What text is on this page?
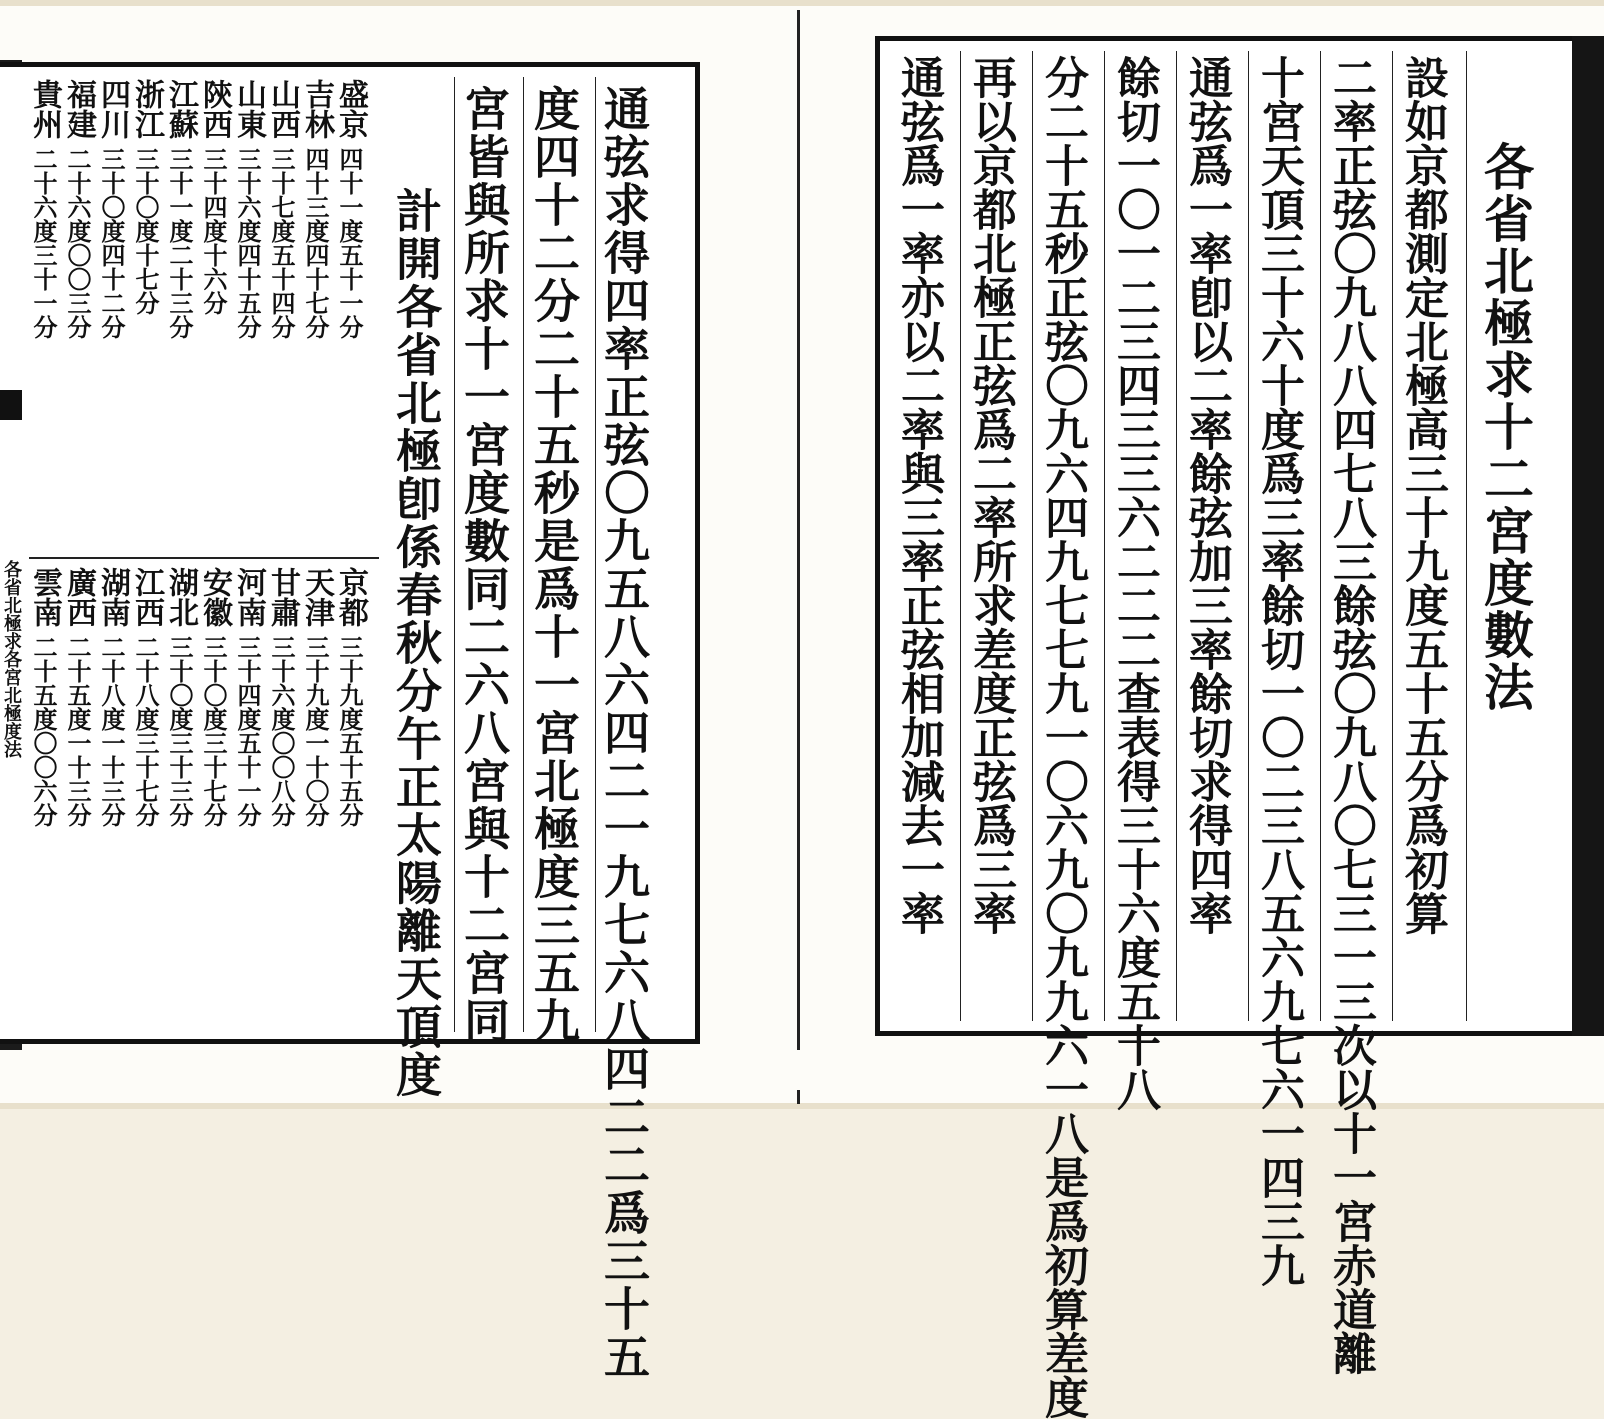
通弦求得四率正弦〇九五八六四二一九七六八四二二爲三十五
度四十二分二十五秒是爲十一宮北極度三五九
宮皆與所求十一宮度數同二六八宮與十二宮同
計開各省北極卽係春秋分午正太陽離天頂度
盛京
四十一度五十一分
吉林
四十三度四十七分
山西
三十七度五十四分
山東
三十六度四十五分
陝西
三十四度十六分
江蘇
三十一度二十三分
浙江
三十〇度十七分
四川
三十〇度四十二分
福建
二十六度〇〇三分
貴州
二十六度三十一分
京都
三十九度五十五分
天津
三十九度一十〇分
甘肅
三十六度〇〇八分
河南
三十四度五十一分
安徽
三十〇度三十七分
湖北
三十〇度三十三分
江西
二十八度三十七分
湖南
二十八度一十三分
廣西
二十五度一十三分
雲南
二十五度〇〇六分
各省北極求各宮北極度法	各省北極求十二宮度數法
設如京都測定北極高三十九度五十五分爲初算
二率正弦〇九八八四七八三餘弦〇九八〇七三一三次以十一宮赤道離
十宮天頂三十六十度爲三率餘切一〇二三八五六九七六一四三九
通弦爲一率卽以二率餘弦加三率餘切求得四率
餘切一〇一二三四三三六二二二查表得三十六度五十八
分二十五秒正弦〇九六四九七七九一〇六九〇九九六一八是爲初算差度
再以京都北極正弦爲二率所求差度正弦爲三率
通弦爲一率亦以二率與三率正弦相加減去一率
